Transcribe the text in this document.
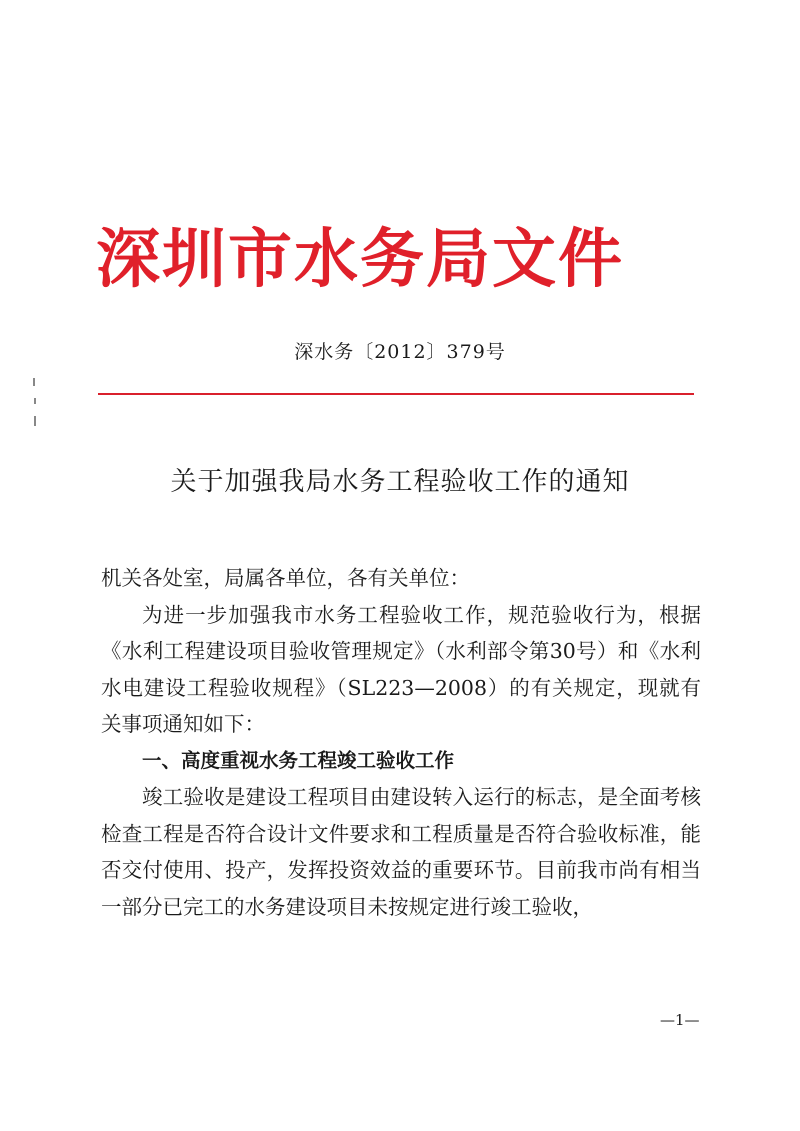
深圳市水务局文件
深水务〔2012〕379号
关于加强我局水务工程验收工作的通知

机关各处室，局属各单位，各有关单位：

为进一步加强我市水务工程验收工作，规范验收行为，根据《水利工程建设项目验收管理规定》（水利部令第30号）和《水利水电建设工程验收规程》（SL223—2008）的有关规定，现就有关事项通知如下：

一、高度重视水务工程竣工验收工作

竣工验收是建设工程项目由建设转入运行的标志，是全面考核检查工程是否符合设计文件要求和工程质量是否符合验收标准，能否交付使用、投产，发挥投资效益的重要环节。目前我市尚有相当一部分已完工的水务建设项目未按规定进行竣工验收，

—1—
